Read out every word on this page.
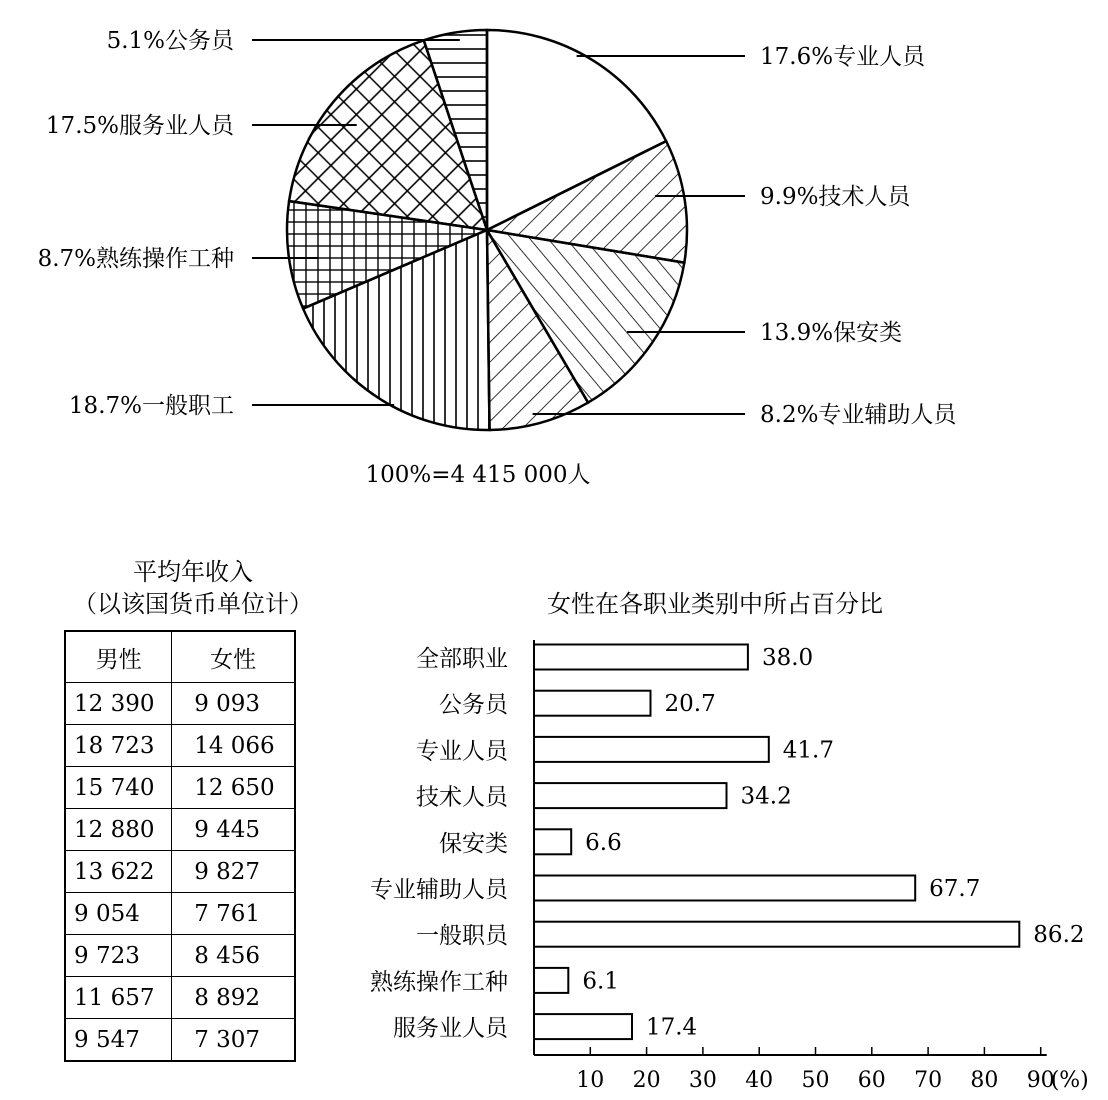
17.6%专业人员
9.9%技术人员
13.9%保安类
8.2%专业辅助人员
18.7%一般职工
8.7%熟练操作工种
17.5%服务业人员
5.1%公务员
100%=4 415 000人
女性在各职业类别中所占百分比
10 20 30 40 50 60 70 80 90
(%)
全部职业	38.0
公务员	20.7
专业人员	41.7
技术人员	34.2
保安类	6.6
专业辅助人员	67.7
一般职员	86.2
熟练操作工种	6.1
服务业人员	17.4
平均年收入
（以该国货币单位计）
男性	女性
12 390	9 093
18 723	14 066
15 740	12 650
12 880	9 445
13 622	9 827
9 054	7 761
9 723	8 456
11 657	8 892
9 547	7 307
